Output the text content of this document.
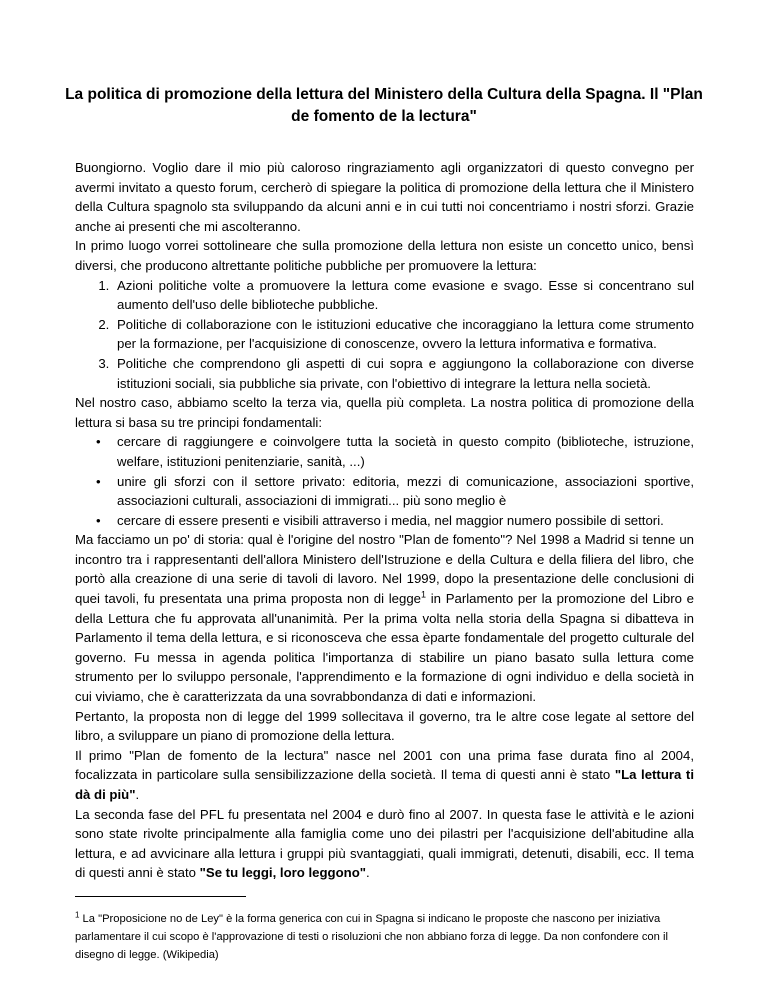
La politica di promozione della lettura del Ministero della Cultura della Spagna. Il "Plan de fomento de la lectura"

Buongiorno. Voglio dare il mio più caloroso ringraziamento agli organizzatori di questo convegno per avermi invitato a questo forum, cercherò di spiegare la politica di promozione della lettura che il Ministero della Cultura spagnolo sta sviluppando da alcuni anni e in cui tutti noi concentriamo i nostri sforzi. Grazie anche ai presenti che mi ascolteranno.

In primo luogo vorrei sottolineare che sulla promozione della lettura non esiste un concetto unico, bensì diversi, che producono altrettante politiche pubbliche per promuovere la lettura:

1. Azioni politiche volte a promuovere la lettura come evasione e svago. Esse si concentrano sul aumento dell'uso delle biblioteche pubbliche.
2. Politiche di collaborazione con le istituzioni educative che incoraggiano la lettura come strumento per la formazione, per l'acquisizione di conoscenze, ovvero la lettura informativa e formativa.
3. Politiche che comprendono gli aspetti di cui sopra e aggiungono la collaborazione con diverse istituzioni sociali, sia pubbliche sia private, con l'obiettivo di integrare la lettura nella società.

Nel nostro caso, abbiamo scelto la terza via, quella più completa. La nostra politica di promozione della lettura si basa su tre principi fondamentali:

• cercare di raggiungere e coinvolgere tutta la società in questo compito (biblioteche, istruzione, welfare, istituzioni penitenziarie, sanità, ...)
• unire gli sforzi con il settore privato: editoria, mezzi di comunicazione, associazioni sportive, associazioni culturali, associazioni di immigrati... più sono meglio è
• cercare di essere presenti e visibili attraverso i media, nel maggior numero possibile di settori.

Ma facciamo un po' di storia: qual è l'origine del nostro "Plan de fomento"? Nel 1998 a Madrid si tenne un incontro tra i rappresentanti dell'allora Ministero dell'Istruzione e della Cultura e della filiera del libro, che portò alla creazione di una serie di tavoli di lavoro. Nel 1999, dopo la presentazione delle conclusioni di quei tavoli, fu presentata una prima proposta non di legge$^1$ in Parlamento per la promozione del Libro e della Lettura che fu approvata all'unanimità. Per la prima volta nella storia della Spagna si dibatteva in Parlamento il tema della lettura, e si riconosceva che essa èparte fondamentale del progetto culturale del governo. Fu messa in agenda politica l'importanza di stabilire un piano basato sulla lettura come strumento per lo sviluppo personale, l'apprendimento e la formazione di ogni individuo e della società in cui viviamo, che è caratterizzata da una sovrabbondanza di dati e informazioni.

Pertanto, la proposta non di legge del 1999 sollecitava il governo, tra le altre cose legate al settore del libro, a sviluppare un piano di promozione della lettura.

Il primo "Plan de fomento de la lectura" nasce nel 2001 con una prima fase durata fino al 2004, focalizzata in particolare sulla sensibilizzazione della società. Il tema di questi anni è stato "La lettura ti dà di più".

La seconda fase del PFL fu presentata nel 2004 e durò fino al 2007. In questa fase le attività e le azioni sono state rivolte principalmente alla famiglia come uno dei pilastri per l'acquisizione dell'abitudine alla lettura, e ad avvicinare alla lettura i gruppi più svantaggiati, quali immigrati, detenuti, disabili, ecc. Il tema di questi anni è stato "Se tu leggi, loro leggono".

$^1$ La "Proposicione no de Ley" è la forma generica con cui in Spagna si indicano le proposte che nascono per iniziativa parlamentare il cui scopo è l'approvazione di testi o risoluzioni che non abbiano forza di legge. Da non confondere con il disegno di legge. (Wikipedia)
